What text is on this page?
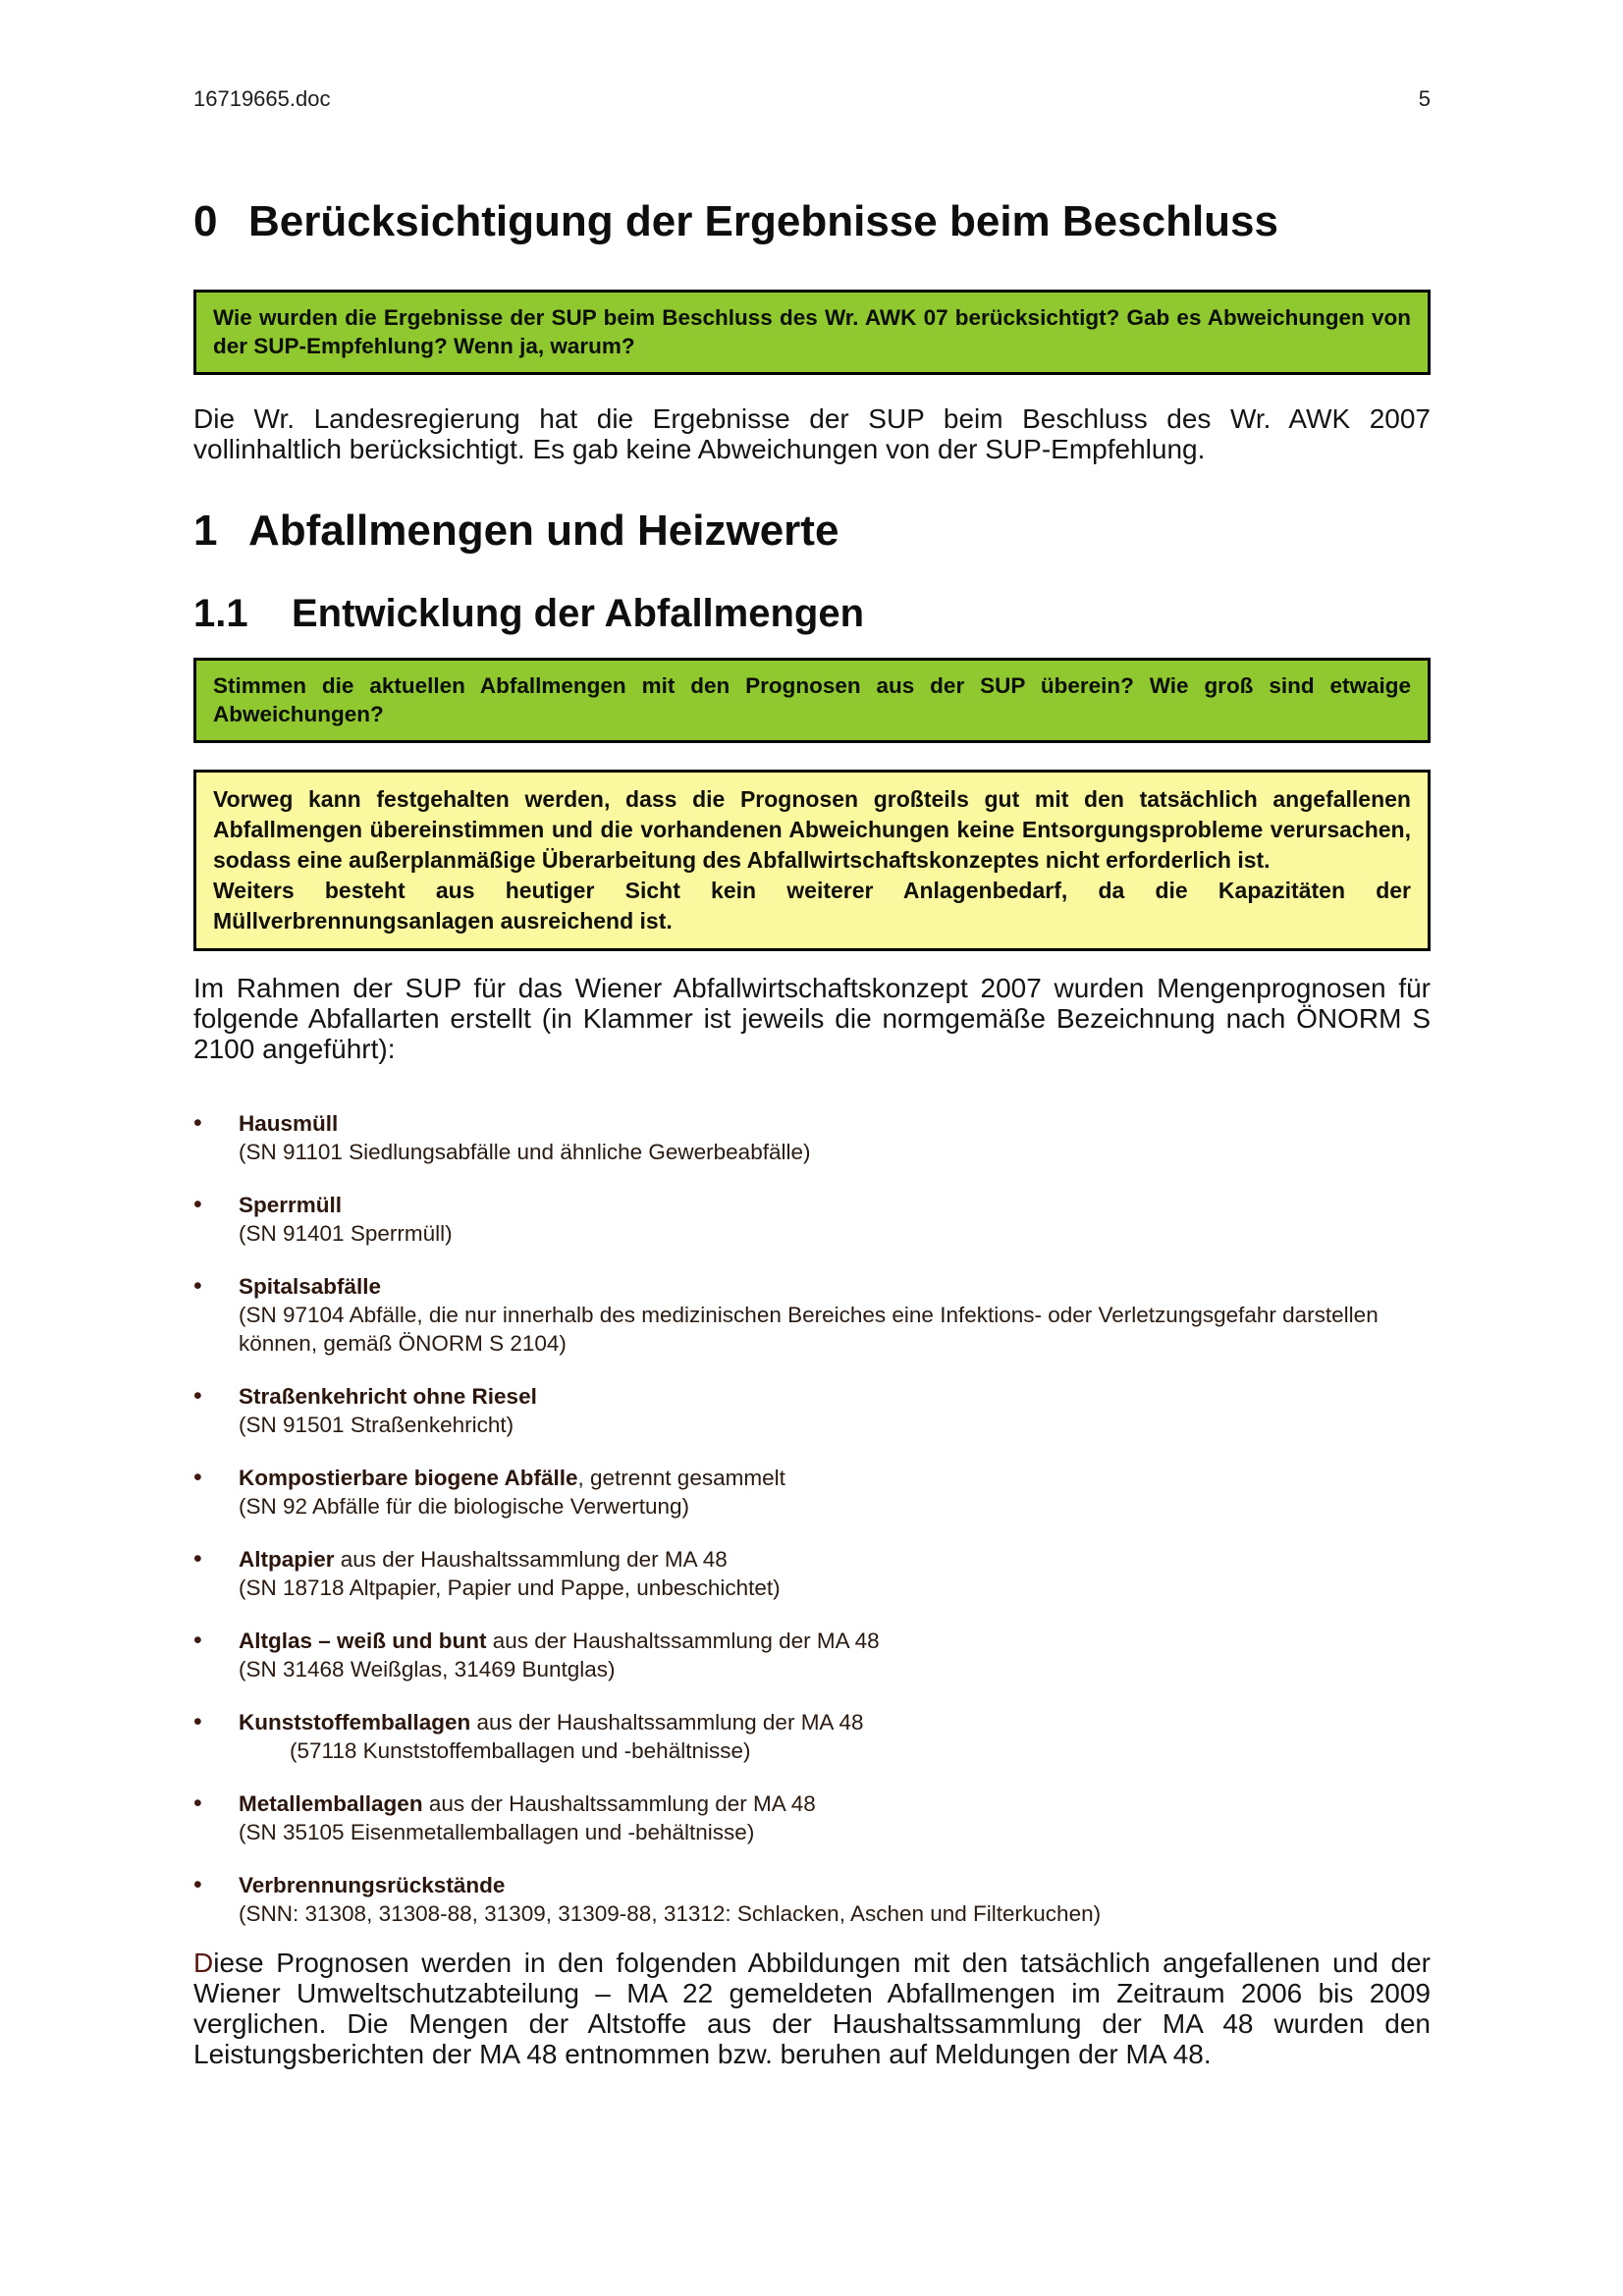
16719665.doc	5
0 Berücksichtigung der Ergebnisse beim Beschluss

Wie wurden die Ergebnisse der SUP beim Beschluss des Wr. AWK 07 berücksichtigt? Gab es Abweichungen von der SUP-Empfehlung? Wenn ja, warum?

Die Wr. Landesregierung hat die Ergebnisse der SUP beim Beschluss des Wr. AWK 2007 vollinhaltlich berücksichtigt. Es gab keine Abweichungen von der SUP-Empfehlung.

1 Abfallmengen und Heizwerte
1.1	Entwicklung der Abfallmengen

Stimmen die aktuellen Abfallmengen mit den Prognosen aus der SUP überein? Wie groß sind etwaige Abweichungen?

Vorweg kann festgehalten werden, dass die Prognosen großteils gut mit den tatsächlich angefallenen Abfallmengen übereinstimmen und die vorhandenen Abweichungen keine Entsorgungsprobleme verursachen, sodass eine außerplanmäßige Überarbeitung des Abfallwirtschaftskonzeptes nicht erforderlich ist.

Weiters besteht aus heutiger Sicht kein weiterer Anlagenbedarf, da die Kapazitäten der Müllverbrennungsanlagen ausreichend ist.

Im Rahmen der SUP für das Wiener Abfallwirtschaftskonzept 2007 wurden Mengenprognosen für folgende Abfallarten erstellt (in Klammer ist jeweils die normgemäße Bezeichnung nach ÖNORM S 2100 angeführt):

•	Hausmüll
(SN 91101 Siedlungsabfälle und ähnliche Gewerbeabfälle)
•	Sperrmüll
(SN 91401 Sperrmüll)
•	Spitalsabfälle
(SN 97104 Abfälle, die nur innerhalb des medizinischen Bereiches eine Infektions- oder Verletzungsgefahr darstellen können, gemäß ÖNORM S 2104)
•	Straßenkehricht ohne Riesel
(SN 91501 Straßenkehricht)
•	Kompostierbare biogene Abfälle, getrennt gesammelt
(SN 92 Abfälle für die biologische Verwertung)
•	Altpapier aus der Haushaltssammlung der MA 48
(SN 18718 Altpapier, Papier und Pappe, unbeschichtet)
•	Altglas – weiß und bunt aus der Haushaltssammlung der MA 48
(SN 31468 Weißglas, 31469 Buntglas)
•	Kunststoffemballagen aus der Haushaltssammlung der MA 48
(57118 Kunststoffemballagen und -behältnisse)
•	Metallemballagen aus der Haushaltssammlung der MA 48
(SN 35105 Eisenmetallemballagen und -behältnisse)
•	Verbrennungsrückstände
(SNN: 31308, 31308-88, 31309, 31309-88, 31312: Schlacken, Aschen und Filterkuchen)

Diese Prognosen werden in den folgenden Abbildungen mit den tatsächlich angefallenen und der Wiener Umweltschutzabteilung – MA 22 gemeldeten Abfallmengen im Zeitraum 2006 bis 2009 verglichen. Die Mengen der Altstoffe aus der Haushaltssammlung der MA 48 wurden den Leistungsberichten der MA 48 entnommen bzw. beruhen auf Meldungen der MA 48.
